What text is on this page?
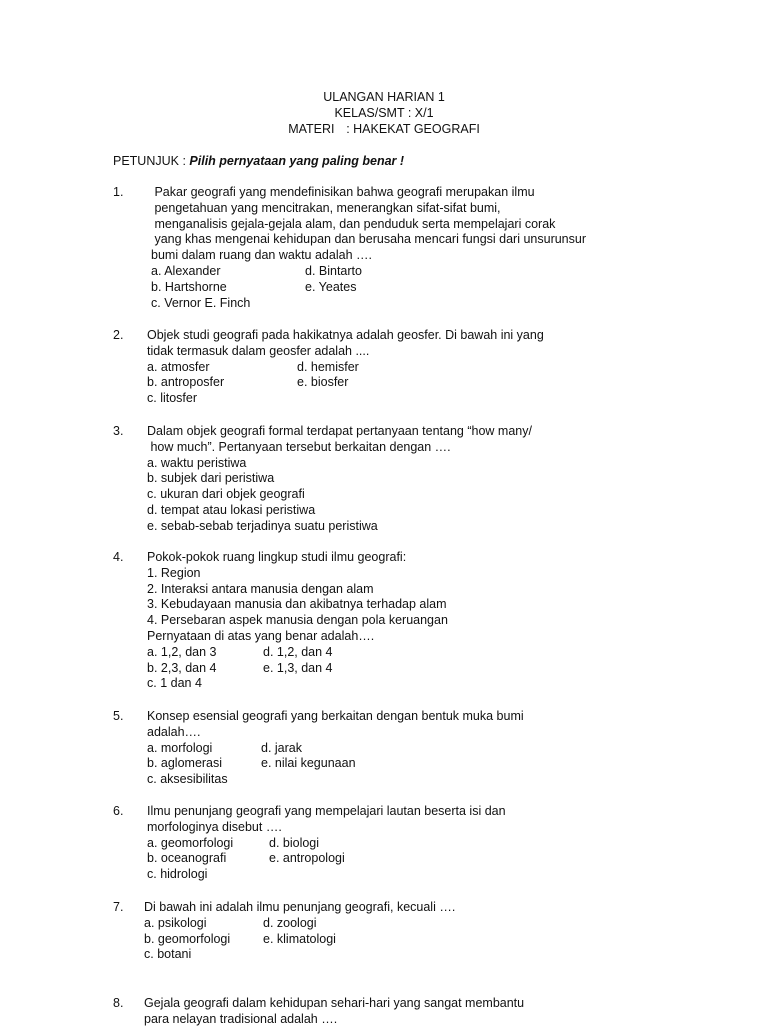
ULANGAN HARIAN 1
KELAS/SMT : X/1
MATERI : HAKEKAT GEOGRAFI
PETUNJUK : Pilih pernyataan yang paling benar !
1. Pakar geografi yang mendefinisikan bahwa geografi merupakan ilmu
pengetahuan yang mencitrakan, menerangkan sifat-sifat bumi,
menganalisis gejala-gejala alam, dan penduduk serta mempelajari corak
yang khas mengenai kehidupan dan berusaha mencari fungsi dari unsurunsur
bumi dalam ruang dan waktu adalah ….
a. Alexander	d. Bintarto
b. Hartshorne	e. Yeates
c. Vernor E. Finch
2. Objek studi geografi pada hakikatnya adalah geosfer. Di bawah ini yang
tidak termasuk dalam geosfer adalah ....
a. atmosfer	d. hemisfer
b. antroposfer	e. biosfer
c. litosfer
3. Dalam objek geografi formal terdapat pertanyaan tentang “how many/
how much”. Pertanyaan tersebut berkaitan dengan ….
a. waktu peristiwa
b. subjek dari peristiwa
c. ukuran dari objek geografi
d. tempat atau lokasi peristiwa
e. sebab-sebab terjadinya suatu peristiwa
4. Pokok-pokok ruang lingkup studi ilmu geografi:
1. Region
2. Interaksi antara manusia dengan alam
3. Kebudayaan manusia dan akibatnya terhadap alam
4. Persebaran aspek manusia dengan pola keruangan
Pernyataan di atas yang benar adalah….
a. 1,2, dan 3	d. 1,2, dan 4
b. 2,3, dan 4	e. 1,3, dan 4
c. 1 dan 4
5. Konsep esensial geografi yang berkaitan dengan bentuk muka bumi
adalah….
a. morfologi	d. jarak
b. aglomerasi	e. nilai kegunaan
c. aksesibilitas
6. Ilmu penunjang geografi yang mempelajari lautan beserta isi dan
morfologinya disebut ….
a. geomorfologi	d. biologi
b. oceanografi	e. antropologi
c. hidrologi
7. Di bawah ini adalah ilmu penunjang geografi, kecuali ….
a. psikologi	d. zoologi
b. geomorfologi	e. klimatologi
c. botani
8. Gejala geografi dalam kehidupan sehari-hari yang sangat membantu
para nelayan tradisional adalah ….
